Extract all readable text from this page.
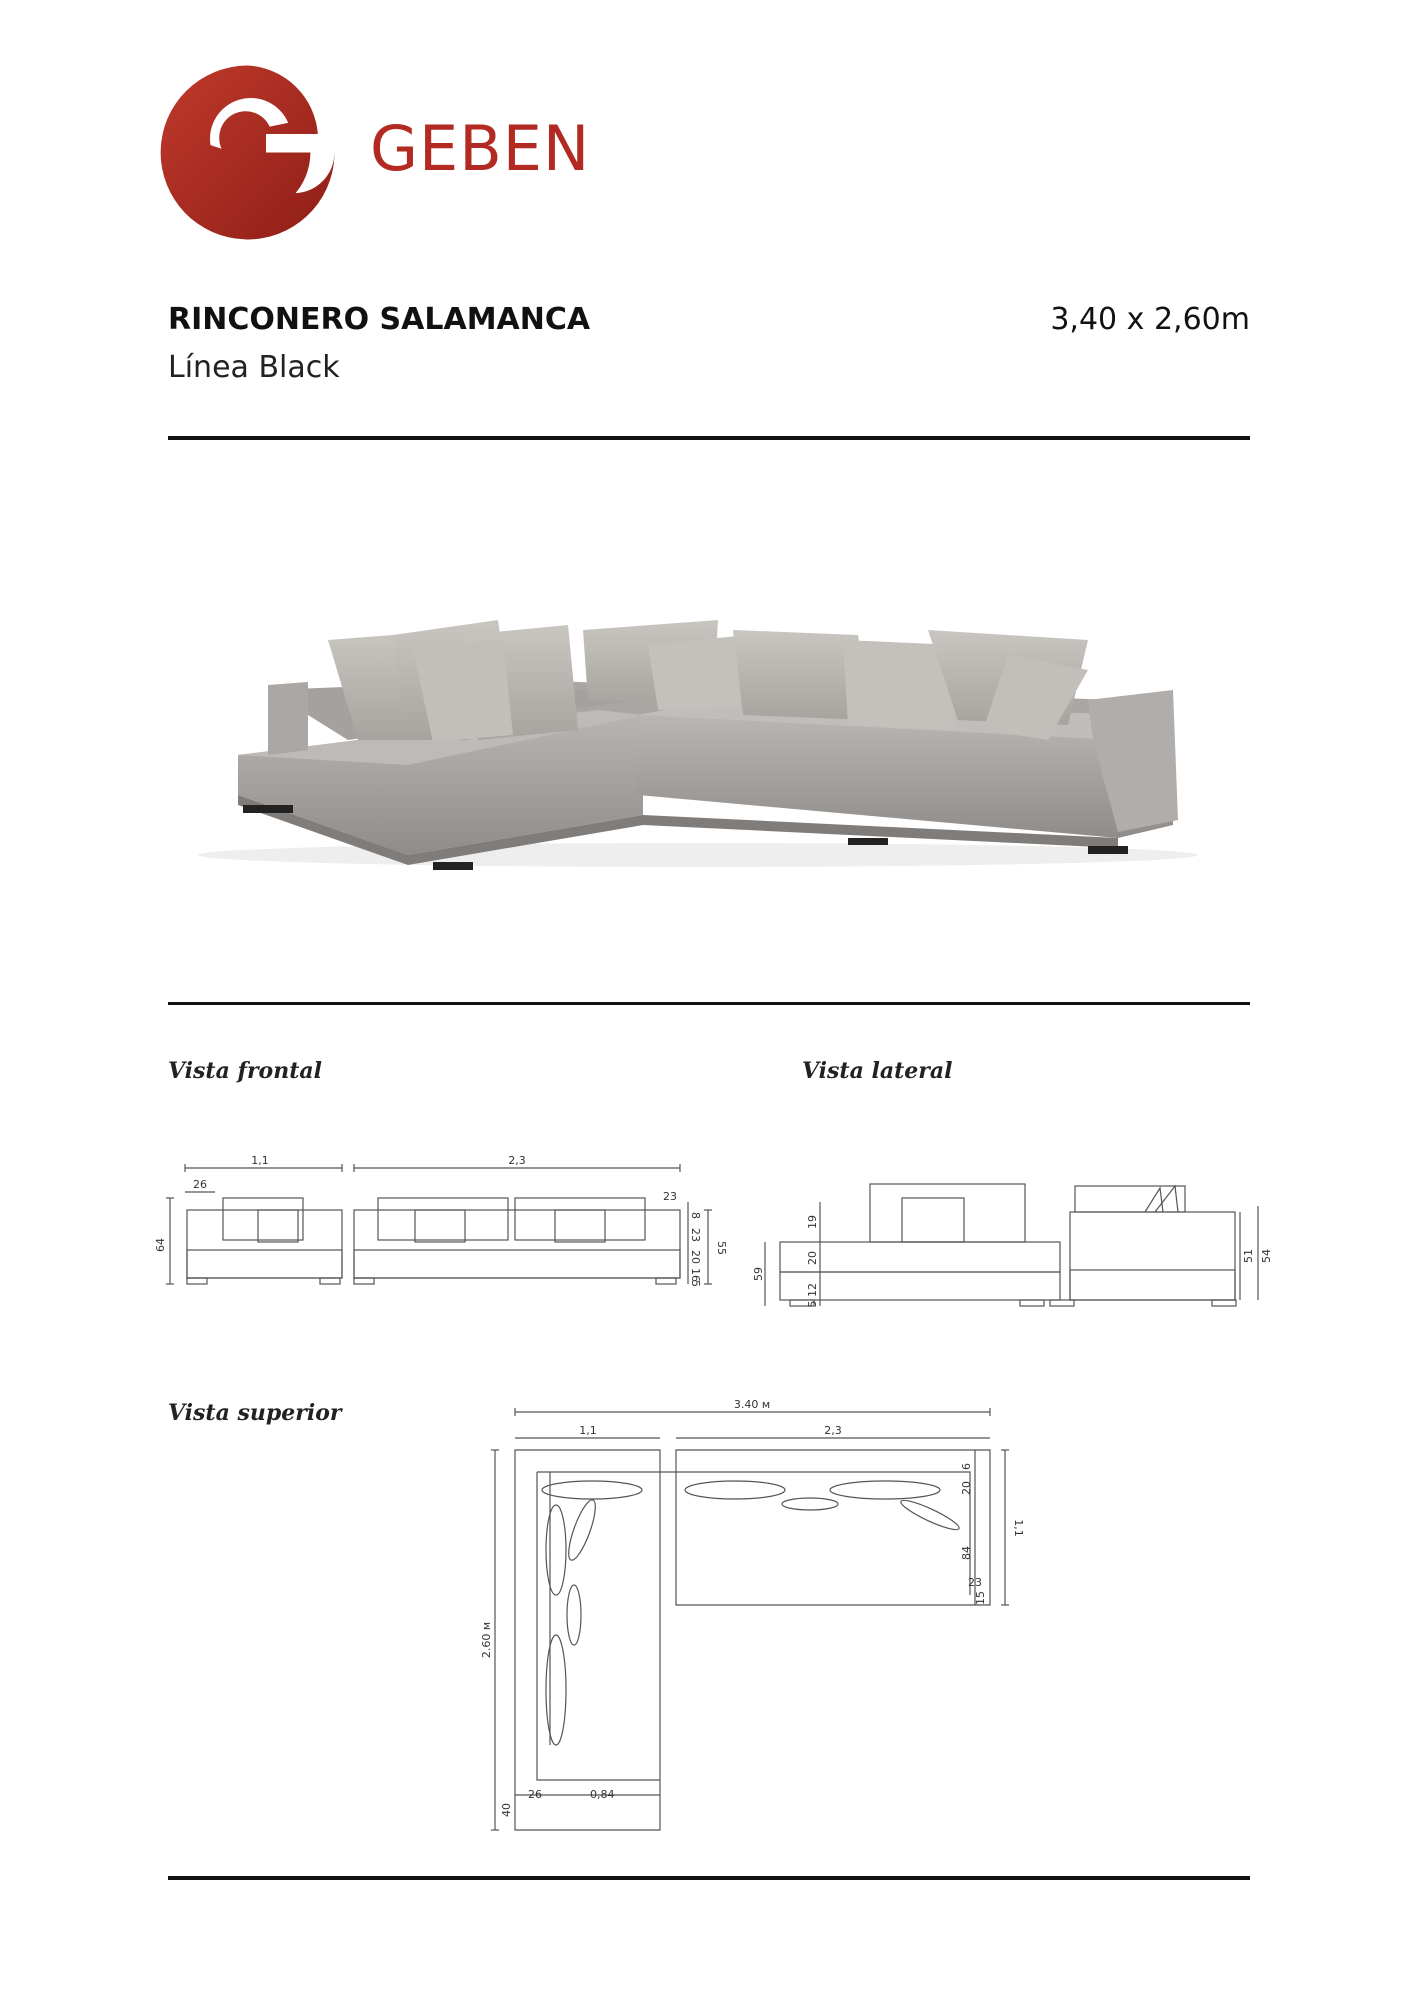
GEBEN
RINCONERO SALAMANCA
Línea Black
3,40 x 2,60m
Vista frontal	Vista lateral
Vista superior
1,1	2,3
26
23
64	55
8
23
20
16
5
59
19
20
12
5
51 54
3.40 м
1,1	2,3
2.60 м
1,1
6
20
84
23
15
40
26	0,84
